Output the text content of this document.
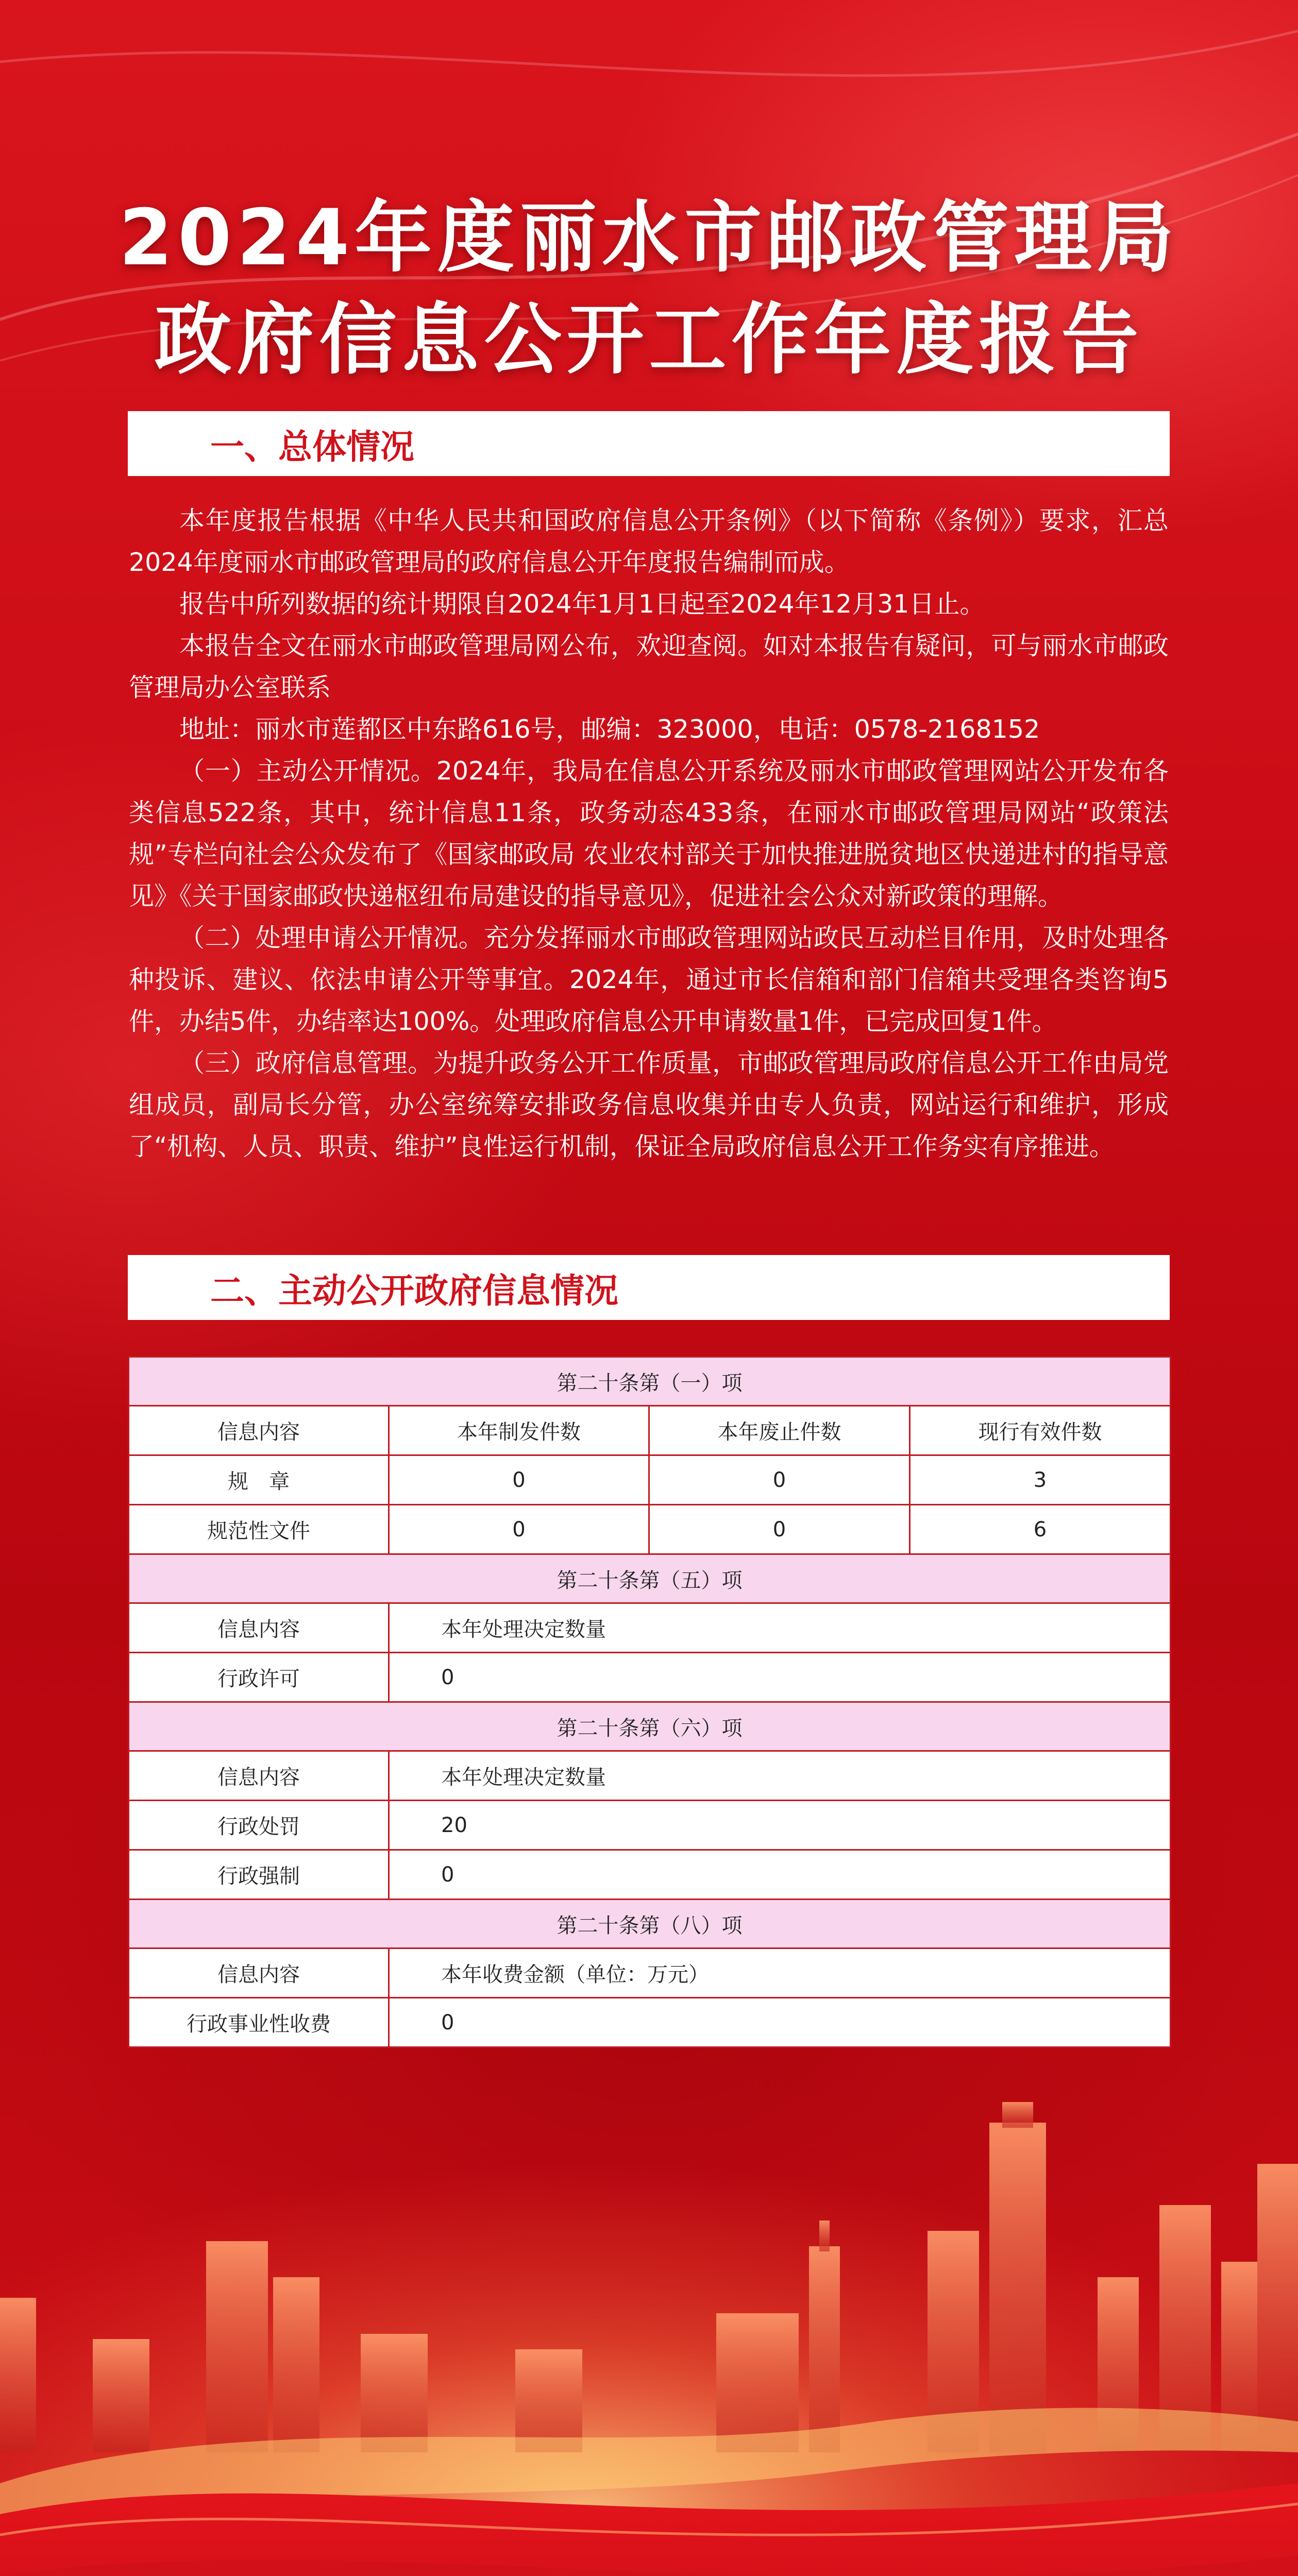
2024年度丽水市邮政管理局
政府信息公开工作年度报告
一、总体情况

本年度报告根据《中华人民共和国政府信息公开条例》（以下简称《条例》）要求，汇总2024年度丽水市邮政管理局的政府信息公开年度报告编制而成。

报告中所列数据的统计期限自2024年1月1日起至2024年12月31日止。

本报告全文在丽水市邮政管理局网公布，欢迎查阅。如对本报告有疑问，可与丽水市邮政管理局办公室联系

地址：丽水市莲都区中东路616号，邮编：323000，电话：0578-2168152

（一）主动公开情况。2024年，我局在信息公开系统及丽水市邮政管理网站公开发布各类信息522条，其中，统计信息11条，政务动态433条，在丽水市邮政管理局网站“政策法规”专栏向社会公众发布了《国家邮政局 农业农村部关于加快推进脱贫地区快递进村的指导意见》《关于国家邮政快递枢纽布局建设的指导意见》，促进社会公众对新政策的理解。

（二）处理申请公开情况。充分发挥丽水市邮政管理网站政民互动栏目作用，及时处理各种投诉、建议、依法申请公开等事宜。2024年，通过市长信箱和部门信箱共受理各类咨询5件，办结5件，办结率达100%。处理政府信息公开申请数量1件，已完成回复1件。

（三）政府信息管理。为提升政务公开工作质量，市邮政管理局政府信息公开工作由局党组成员，副局长分管，办公室统筹安排政务信息收集并由专人负责，网站运行和维护，形成了“机构、人员、职责、维护”良性运行机制，保证全局政府信息公开工作务实有序推进。

二、主动公开政府信息情况
第二十条第（一）项			
信息内容	本年制发件数	本年废止件数	现行有效件数
规　章	0	0	3
规范性文件	0	0	6
第二十条第（五）项			
信息内容	本年处理决定数量		
行政许可	0		
第二十条第（六）项			
信息内容	本年处理决定数量		
行政处罚	20		
行政强制	0		
第二十条第（八）项			
信息内容	本年收费金额（单位：万元）		
行政事业性收费	0		
